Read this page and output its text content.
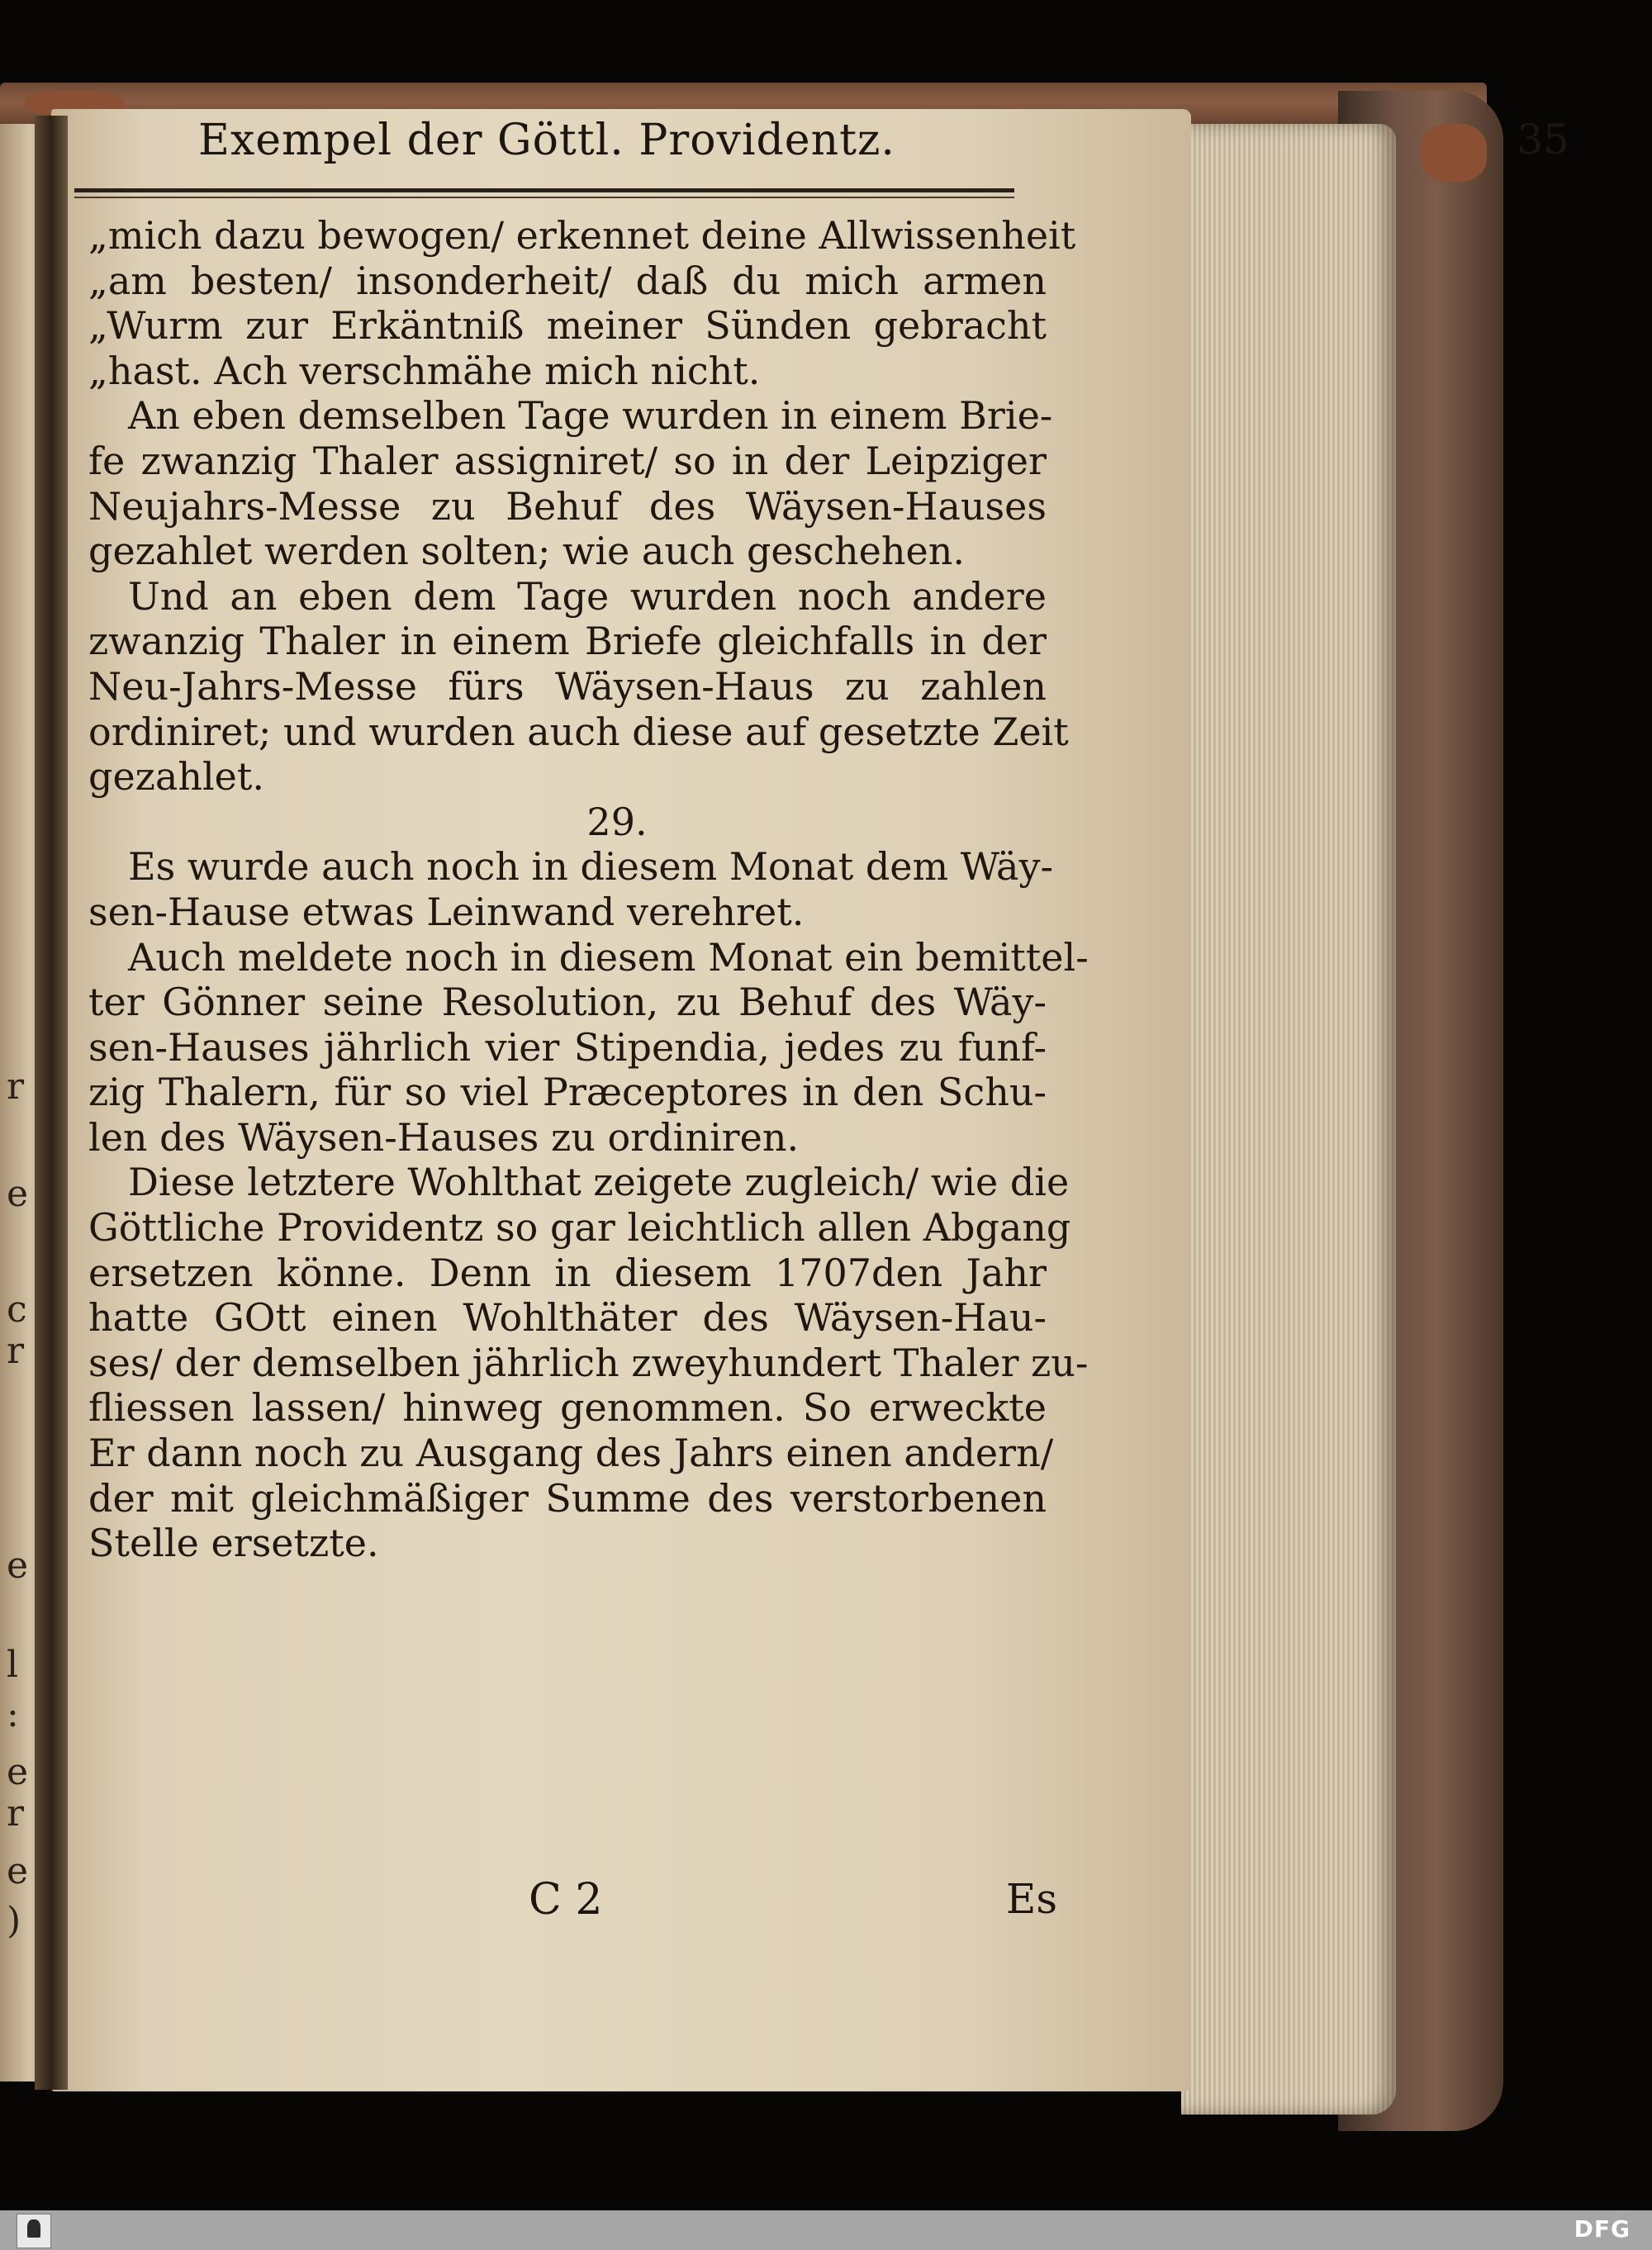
r
e
c
r
e
l
:
e
r
e
)
Exempel der Göttl. Providentz.	35
„mich dazu bewogen/ erkennet deine Allwissenheit
„am besten/ insonderheit/ daß du mich armen
„Wurm zur Erkäntniß meiner Sünden gebracht
„hast. Ach verschmähe mich nicht.
An eben demselben Tage wurden in einem Brie-
fe zwanzig Thaler assigniret/ so in der Leipziger
Neujahrs-Messe zu Behuf des Wäysen-Hauses
gezahlet werden solten; wie auch geschehen.
Und an eben dem Tage wurden noch andere
zwanzig Thaler in einem Briefe gleichfalls in der
Neu-Jahrs-Messe fürs Wäysen-Haus zu zahlen
ordiniret; und wurden auch diese auf gesetzte Zeit
gezahlet.
29.
Es wurde auch noch in diesem Monat dem Wäy-
sen-Hause etwas Leinwand verehret.
Auch meldete noch in diesem Monat ein bemittel-
ter Gönner seine Resolution, zu Behuf des Wäy-
sen-Hauses jährlich vier Stipendia, jedes zu funf-
zig Thalern, für so viel Præceptores in den Schu-
len des Wäysen-Hauses zu ordiniren.
Diese letztere Wohlthat zeigete zugleich/ wie die
Göttliche Providentz so gar leichtlich allen Abgang
ersetzen könne. Denn in diesem 1707den Jahr
hatte GOtt einen Wohlthäter des Wäysen-Hau-
ses/ der demselben jährlich zweyhundert Thaler zu-
fliessen lassen/ hinweg genommen. So erweckte
Er dann noch zu Ausgang des Jahrs einen andern/
der mit gleichmäßiger Summe des verstorbenen
Stelle ersetzte.
C 2	Es
DFG
